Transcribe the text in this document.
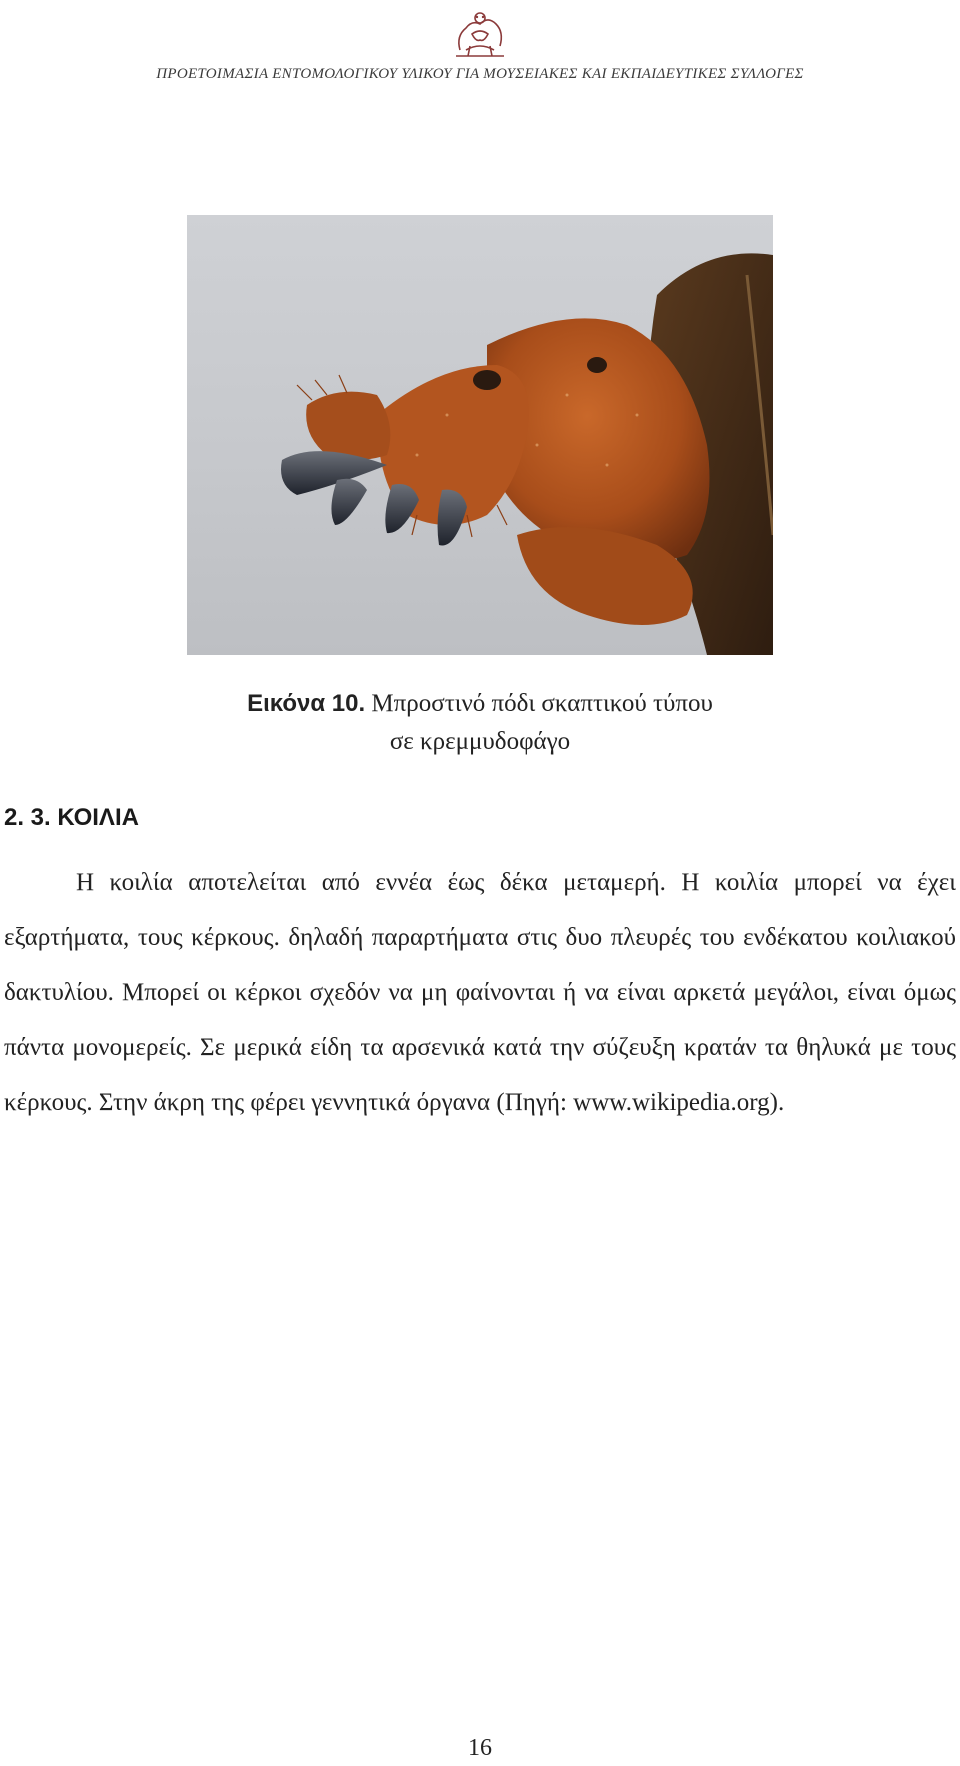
ΠΡΟΕΤΟΙΜΑΣΙΑ ΕΝΤΟΜΟΛΟΓΙΚΟΥ ΥΛΙΚΟΥ ΓΙΑ ΜΟΥΣΕΙΑΚΕΣ ΚΑΙ ΕΚΠΑΙΔΕΥΤΙΚΕΣ ΣΥΛΛΟΓΕΣ
Εικόνα 10. Μπροστινό πόδι σκαπτικού τύπου
σε κρεμμυδοφάγο
2. 3. ΚΟΙΛΙΑ
Η κοιλία αποτελείται από εννέα έως δέκα μεταμερή. Η κοιλία μπορεί να έχει εξαρτήματα, τους κέρκους. δηλαδή παραρτήματα στις δυο πλευρές του ενδέκατου κοιλιακού δακτυλίου. Μπορεί οι κέρκοι σχεδόν να μη φαίνονται ή να είναι αρκετά μεγάλοι, είναι όμως πάντα μονομερείς. Σε μερικά είδη τα αρσενικά κατά την σύζευξη κρατάν τα θηλυκά με τους κέρκους. Στην άκρη της φέρει γεννητικά όργανα (Πηγή: www.wikipedia.org).
16
